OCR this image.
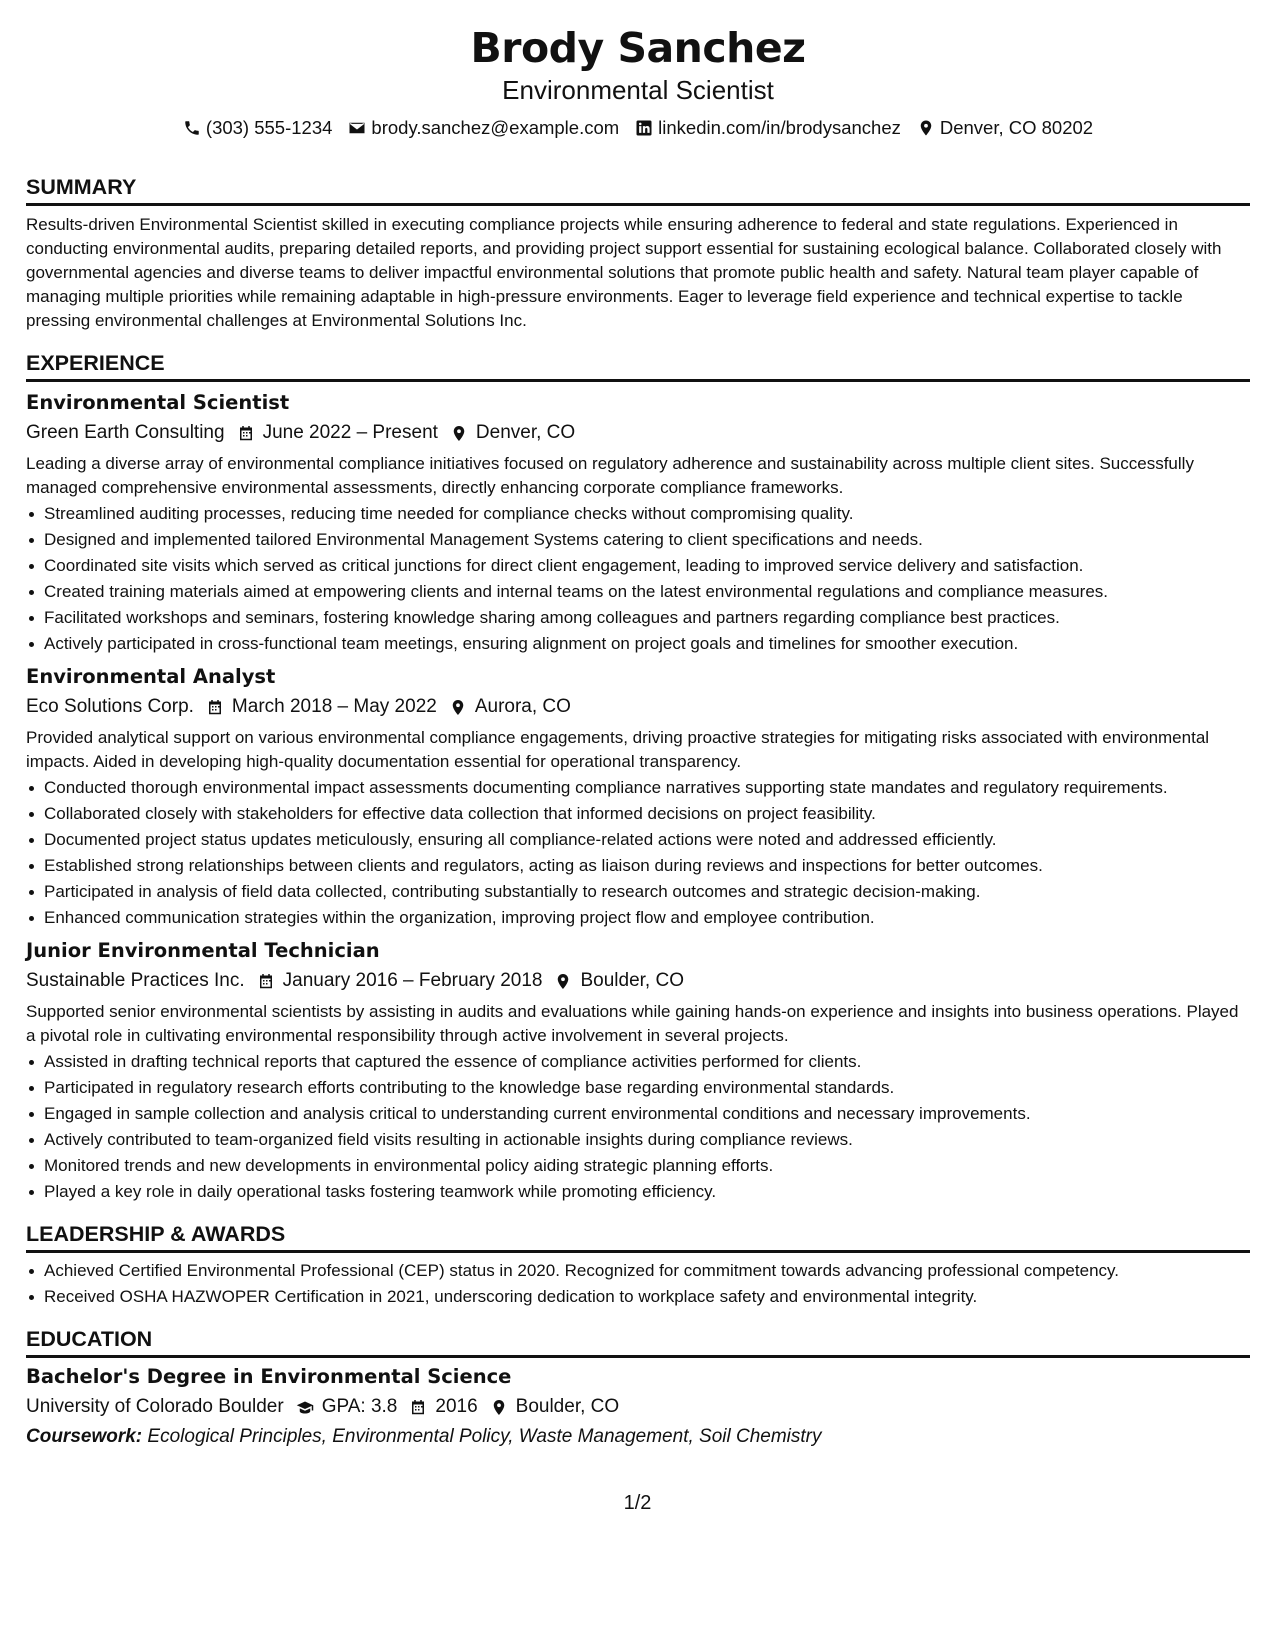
Brody Sanchez
Environmental Scientist
(303) 555-1234 brody.sanchez@example.com linkedin.com/in/brodysanchez Denver, CO 80202
SUMMARY
Results-driven Environmental Scientist skilled in executing compliance projects while ensuring adherence to federal and state regulations. Experienced in conducting environmental audits, preparing detailed reports, and providing project support essential for sustaining ecological balance. Collaborated closely with governmental agencies and diverse teams to deliver impactful environmental solutions that promote public health and safety. Natural team player capable of managing multiple priorities while remaining adaptable in high-pressure environments. Eager to leverage field experience and technical expertise to tackle pressing environmental challenges at Environmental Solutions Inc.
EXPERIENCE
Environmental Scientist
Green Earth Consulting June 2022 – Present Denver, CO
Leading a diverse array of environmental compliance initiatives focused on regulatory adherence and sustainability across multiple client sites. Successfully managed comprehensive environmental assessments, directly enhancing corporate compliance frameworks.
Streamlined auditing processes, reducing time needed for compliance checks without compromising quality.
Designed and implemented tailored Environmental Management Systems catering to client specifications and needs.
Coordinated site visits which served as critical junctions for direct client engagement, leading to improved service delivery and satisfaction.
Created training materials aimed at empowering clients and internal teams on the latest environmental regulations and compliance measures.
Facilitated workshops and seminars, fostering knowledge sharing among colleagues and partners regarding compliance best practices.
Actively participated in cross-functional team meetings, ensuring alignment on project goals and timelines for smoother execution.
Environmental Analyst
Eco Solutions Corp. March 2018 – May 2022 Aurora, CO
Provided analytical support on various environmental compliance engagements, driving proactive strategies for mitigating risks associated with environmental impacts. Aided in developing high-quality documentation essential for operational transparency.
Conducted thorough environmental impact assessments documenting compliance narratives supporting state mandates and regulatory requirements.
Collaborated closely with stakeholders for effective data collection that informed decisions on project feasibility.
Documented project status updates meticulously, ensuring all compliance-related actions were noted and addressed efficiently.
Established strong relationships between clients and regulators, acting as liaison during reviews and inspections for better outcomes.
Participated in analysis of field data collected, contributing substantially to research outcomes and strategic decision-making.
Enhanced communication strategies within the organization, improving project flow and employee contribution.
Junior Environmental Technician
Sustainable Practices Inc. January 2016 – February 2018 Boulder, CO
Supported senior environmental scientists by assisting in audits and evaluations while gaining hands-on experience and insights into business operations. Played a pivotal role in cultivating environmental responsibility through active involvement in several projects.
Assisted in drafting technical reports that captured the essence of compliance activities performed for clients.
Participated in regulatory research efforts contributing to the knowledge base regarding environmental standards.
Engaged in sample collection and analysis critical to understanding current environmental conditions and necessary improvements.
Actively contributed to team-organized field visits resulting in actionable insights during compliance reviews.
Monitored trends and new developments in environmental policy aiding strategic planning efforts.
Played a key role in daily operational tasks fostering teamwork while promoting efficiency.
LEADERSHIP & AWARDS
Achieved Certified Environmental Professional (CEP) status in 2020. Recognized for commitment towards advancing professional competency.
Received OSHA HAZWOPER Certification in 2021, underscoring dedication to workplace safety and environmental integrity.
EDUCATION
Bachelor's Degree in Environmental Science
University of Colorado Boulder GPA: 3.8 2016 Boulder, CO
Coursework: Ecological Principles, Environmental Policy, Waste Management, Soil Chemistry
1/2
